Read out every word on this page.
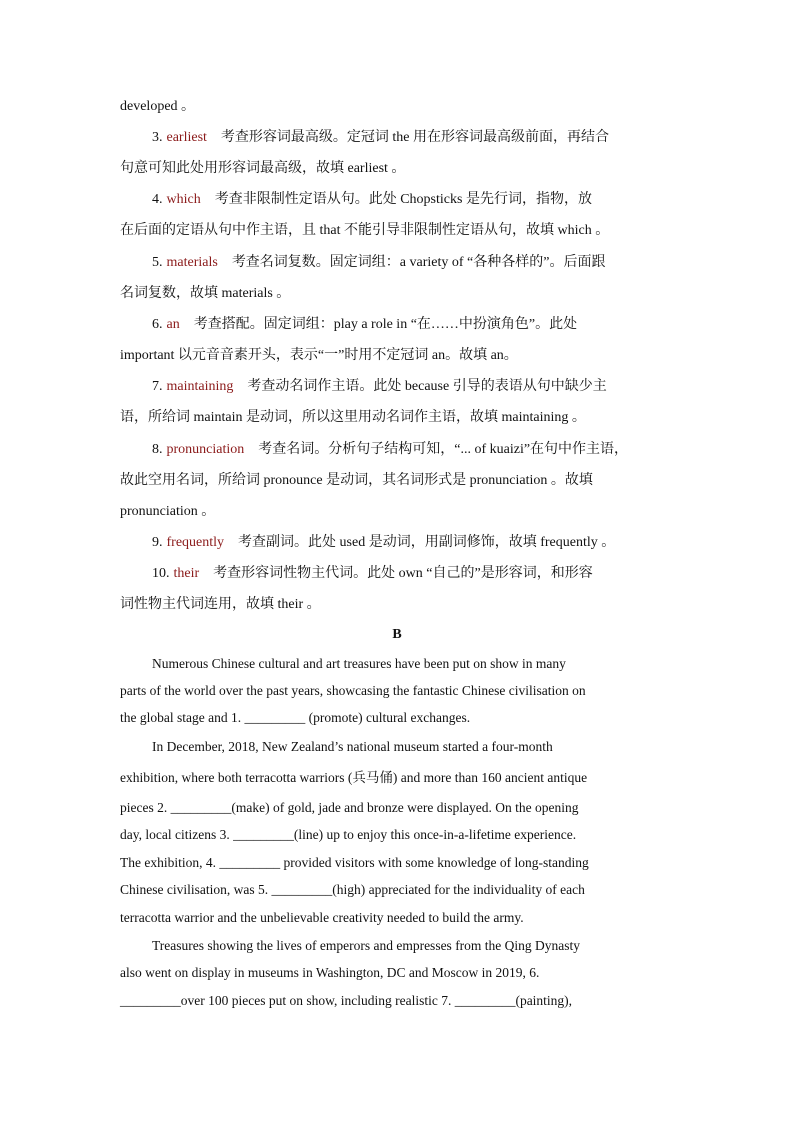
developed 。
3. earliest 考查形容词最高级。定冠词 the 用在形容词最高级前面，再结合
句意可知此处用形容词最高级，故填 earliest 。
4. which 考查非限制性定语从句。此处 Chopsticks 是先行词，指物，放
在后面的定语从句中作主语，且 that 不能引导非限制性定语从句，故填 which 。
5. materials 考查名词复数。固定词组：a variety of “各种各样的”。后面跟
名词复数，故填 materials 。
6. an 考查搭配。固定词组：play a role in “在……中扮演角色”。此处
important 以元音音素开头，表示“一”时用不定冠词 an。故填 an。
7. maintaining 考查动名词作主语。此处 because 引导的表语从句中缺少主
语，所给词 maintain 是动词，所以这里用动名词作主语，故填 maintaining 。
8. pronunciation 考查名词。分析句子结构可知，“... of kuaizi”在句中作主语，
故此空用名词，所给词 pronounce 是动词，其名词形式是 pronunciation 。故填
pronunciation 。
9. frequently 考查副词。此处 used 是动词，用副词修饰，故填 frequently 。
10. their 考查形容词性物主代词。此处 own “自己的”是形容词，和形容
词性物主代词连用，故填 their 。
B
Numerous Chinese cultural and art treasures have been put on show in many
parts of the world over the past years, showcasing the fantastic Chinese civilisation on
the global stage and 1. _________ (promote) cultural exchanges.
In December, 2018, New Zealand’s national museum started a four-month
exhibition, where both terracotta warriors (兵马俑) and more than 160 ancient antique
pieces 2. _________(make) of gold, jade and bronze were displayed. On the opening
day, local citizens 3. _________(line) up to enjoy this once-in-a-lifetime experience.
The exhibition, 4. _________ provided visitors with some knowledge of long-standing
Chinese civilisation, was 5. _________(high) appreciated for the individuality of each
terracotta warrior and the unbelievable creativity needed to build the army.
Treasures showing the lives of emperors and empresses from the Qing Dynasty
also went on display in museums in Washington, DC and Moscow in 2019, 6.
_________over 100 pieces put on show, including realistic 7. _________(painting),
